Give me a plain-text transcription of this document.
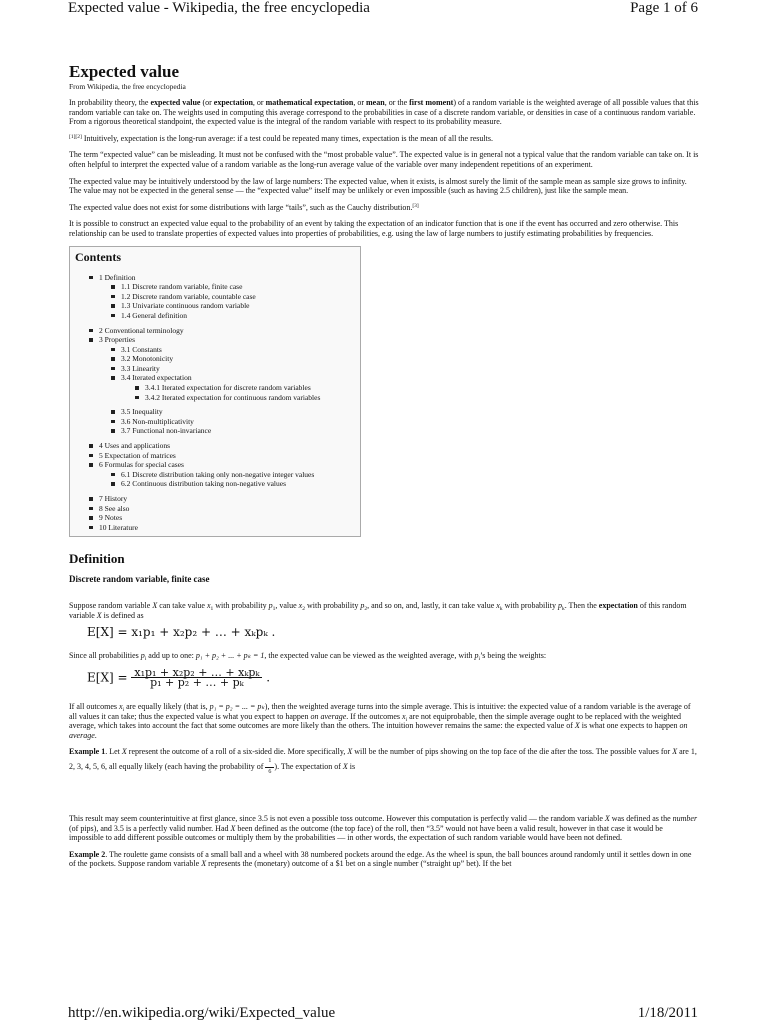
Expected value - Wikipedia, the free encyclopedia	Page 1 of 6
Expected value
From Wikipedia, the free encyclopedia

In probability theory, the expected value (or expectation, or mathematical expectation, or mean, or the first moment) of a random variable is the weighted average of all possible values that this random variable can take on. The weights used in computing this average correspond to the probabilities in case of a discrete random variable, or densities in case of a continuous random variable. From a rigorous theoretical standpoint, the expected value is the integral of the random variable with respect to its probability measure.

[1][2] Intuitively, expectation is the long-run average: if a test could be repeated many times, expectation is the mean of all the results.

The term “expected value” can be misleading. It must not be confused with the “most probable value”. The expected value is in general not a typical value that the random variable can take on. It is often helpful to interpret the expected value of a random variable as the long-run average value of the variable over many independent repetitions of an experiment.

The expected value may be intuitively understood by the law of large numbers: The expected value, when it exists, is almost surely the limit of the sample mean as sample size grows to infinity. The value may not be expected in the general sense — the “expected value” itself may be unlikely or even impossible (such as having 2.5 children), just like the sample mean.

The expected value does not exist for some distributions with large “tails”, such as the Cauchy distribution.[3]

It is possible to construct an expected value equal to the probability of an event by taking the expectation of an indicator function that is one if the event has occurred and zero otherwise. This relationship can be used to translate properties of expected values into properties of probabilities, e.g. using the law of large numbers to justify estimating probabilities by frequencies.

Contents
1 Definition
1.1 Discrete random variable, finite case
1.2 Discrete random variable, countable case
1.3 Univariate continuous random variable
1.4 General definition
2 Conventional terminology
3 Properties
3.1 Constants
3.2 Monotonicity
3.3 Linearity
3.4 Iterated expectation
3.4.1 Iterated expectation for discrete random variables
3.4.2 Iterated expectation for continuous random variables
3.5 Inequality
3.6 Non-multiplicativity
3.7 Functional non-invariance
4 Uses and applications
5 Expectation of matrices
6 Formulas for special cases
6.1 Discrete distribution taking only non-negative integer values
6.2 Continuous distribution taking non-negative values
7 History
8 See also
9 Notes
10 Literature
Definition
Discrete random variable, finite case

Suppose random variable X can take value $x_1$ with probability $p_1$, value $x_2$ with probability $p_2$, and so on, and, lastly, it can take value $x_k$ with probability $p_k$. Then the expectation of this random variable X is defined as

E[X] = x₁p₁ + x₂p₂ + … + xₖpₖ .

Since all probabilities $p_i$ add up to one: p₁ + p₂ + ... + pₖ = 1, the expected value can be viewed as the weighted average, with $p_i’s$ being the weights:

$E[X] = \frac{\text{x₁p₁ + x₂p₂ + … + xₖpₖ}}{\text{p₁ + p₂ + … + pₖ}}$ .

If all outcomes $x_i$ are equally likely (that is, p₁ = p₂ = ... = pₖ), then the weighted average turns into the simple average. This is intuitive: the expected value of a random variable is the average of all values it can take; thus the expected value is what you expect to happen on average. If the outcomes $x_i$ are not equiprobable, then the simple average ought to be replaced with the weighted average, which takes into account the fact that some outcomes are more likely than the others. The intuition however remains the same: the expected value of X is what one expects to happen on average.

Example 1. Let X represent the outcome of a roll of a six-sided die. More specifically, X will be the number of pips showing on the top face of the die after the toss. The possible values for X are 1, 2, 3, 4, 5, 6, all equally likely (each having the probability of $\frac{1}{6}$ ). The expectation of X is

This result may seem counterintuitive at first glance, since 3.5 is not even a possible toss outcome. However this computation is perfectly valid — the random variable X was defined as the number (of pips), and 3.5 is a perfectly valid number. Had X been defined as the outcome (the top face) of the roll, then “3.5” would not have been a valid result, however in that case it would be impossible to add different possible outcomes or multiply them by the probabilities — in other words, the expectation of such random variable would have been not defined.

Example 2. The roulette game consists of a small ball and a wheel with 38 numbered pockets around the edge. As the wheel is spun, the ball bounces around randomly until it settles down in one of the pockets. Suppose random variable X represents the (monetary) outcome of a $1 bet on a single number (“straight up” bet). If the bet

http://en.wikipedia.org/wiki/Expected_value	1/18/2011
